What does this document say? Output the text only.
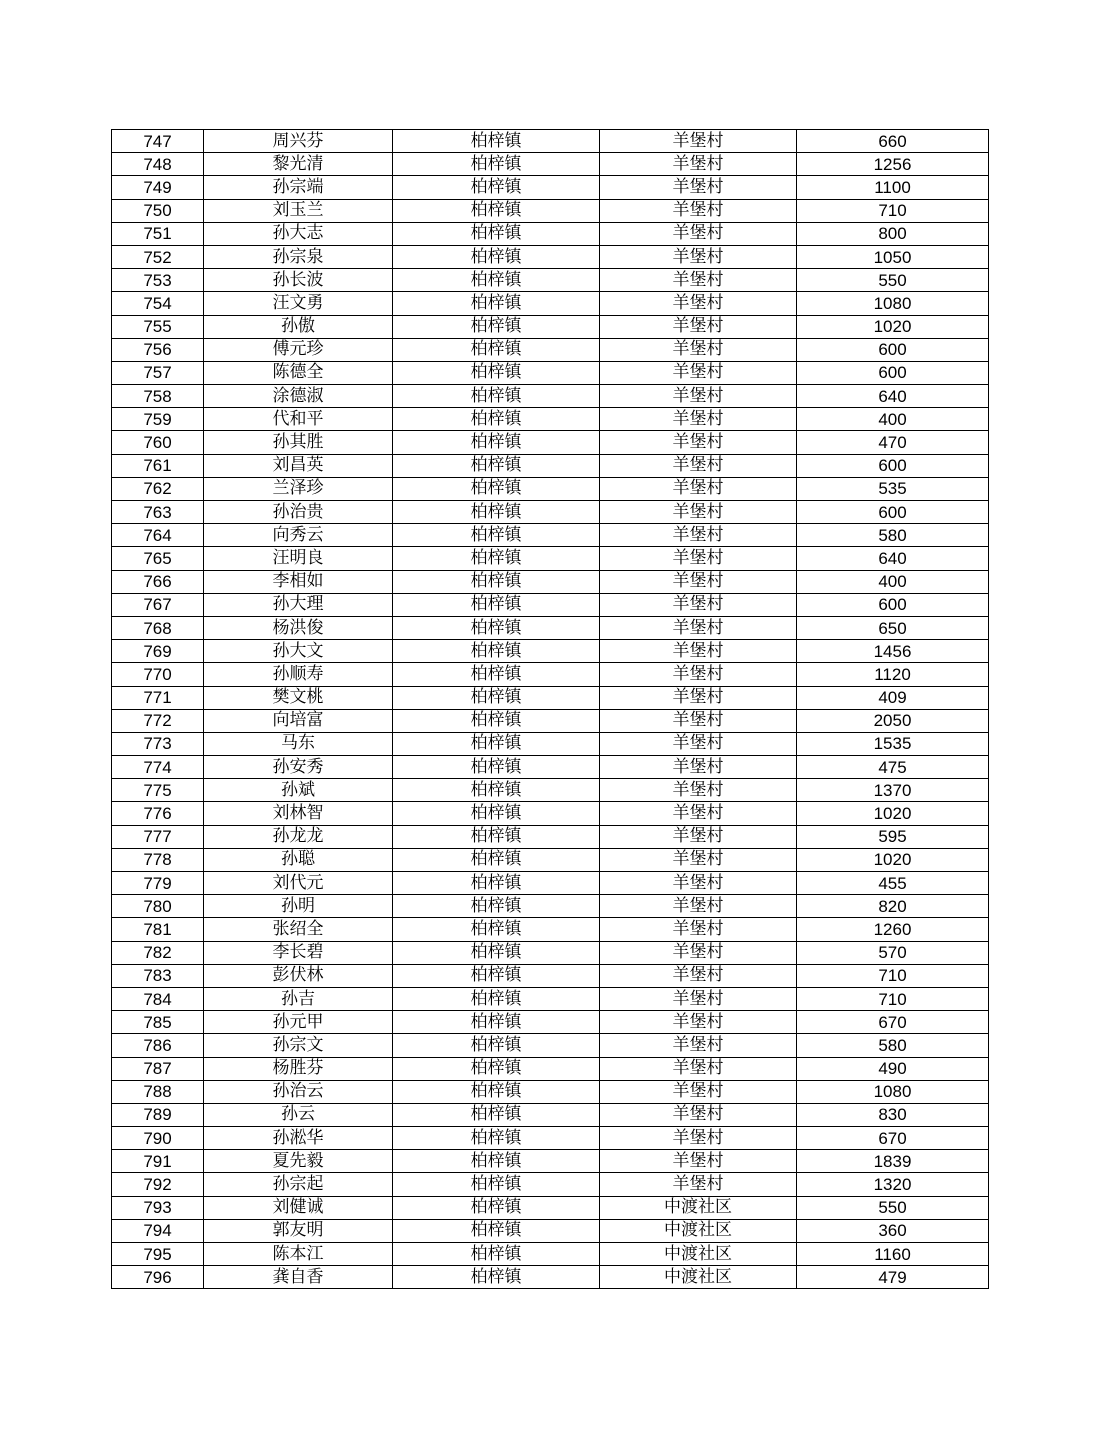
747	周兴芬	柏梓镇	羊堡村	660
748	黎光清	柏梓镇	羊堡村	1256
749	孙宗端	柏梓镇	羊堡村	1100
750	刘玉兰	柏梓镇	羊堡村	710
751	孙大志	柏梓镇	羊堡村	800
752	孙宗泉	柏梓镇	羊堡村	1050
753	孙长波	柏梓镇	羊堡村	550
754	汪文勇	柏梓镇	羊堡村	1080
755	孙傲	柏梓镇	羊堡村	1020
756	傅元珍	柏梓镇	羊堡村	600
757	陈德全	柏梓镇	羊堡村	600
758	涂德淑	柏梓镇	羊堡村	640
759	代和平	柏梓镇	羊堡村	400
760	孙其胜	柏梓镇	羊堡村	470
761	刘昌英	柏梓镇	羊堡村	600
762	兰泽珍	柏梓镇	羊堡村	535
763	孙治贵	柏梓镇	羊堡村	600
764	向秀云	柏梓镇	羊堡村	580
765	汪明良	柏梓镇	羊堡村	640
766	李相如	柏梓镇	羊堡村	400
767	孙大理	柏梓镇	羊堡村	600
768	杨洪俊	柏梓镇	羊堡村	650
769	孙大文	柏梓镇	羊堡村	1456
770	孙顺寿	柏梓镇	羊堡村	1120
771	樊文桃	柏梓镇	羊堡村	409
772	向培富	柏梓镇	羊堡村	2050
773	马东	柏梓镇	羊堡村	1535
774	孙安秀	柏梓镇	羊堡村	475
775	孙斌	柏梓镇	羊堡村	1370
776	刘林智	柏梓镇	羊堡村	1020
777	孙龙龙	柏梓镇	羊堡村	595
778	孙聪	柏梓镇	羊堡村	1020
779	刘代元	柏梓镇	羊堡村	455
780	孙明	柏梓镇	羊堡村	820
781	张绍全	柏梓镇	羊堡村	1260
782	李长碧	柏梓镇	羊堡村	570
783	彭伏林	柏梓镇	羊堡村	710
784	孙吉	柏梓镇	羊堡村	710
785	孙元甲	柏梓镇	羊堡村	670
786	孙宗文	柏梓镇	羊堡村	580
787	杨胜芬	柏梓镇	羊堡村	490
788	孙治云	柏梓镇	羊堡村	1080
789	孙云	柏梓镇	羊堡村	830
790	孙淞华	柏梓镇	羊堡村	670
791	夏先毅	柏梓镇	羊堡村	1839
792	孙宗起	柏梓镇	羊堡村	1320
793	刘健诚	柏梓镇	中渡社区	550
794	郭友明	柏梓镇	中渡社区	360
795	陈本江	柏梓镇	中渡社区	1160
796	龚自香	柏梓镇	中渡社区	479
